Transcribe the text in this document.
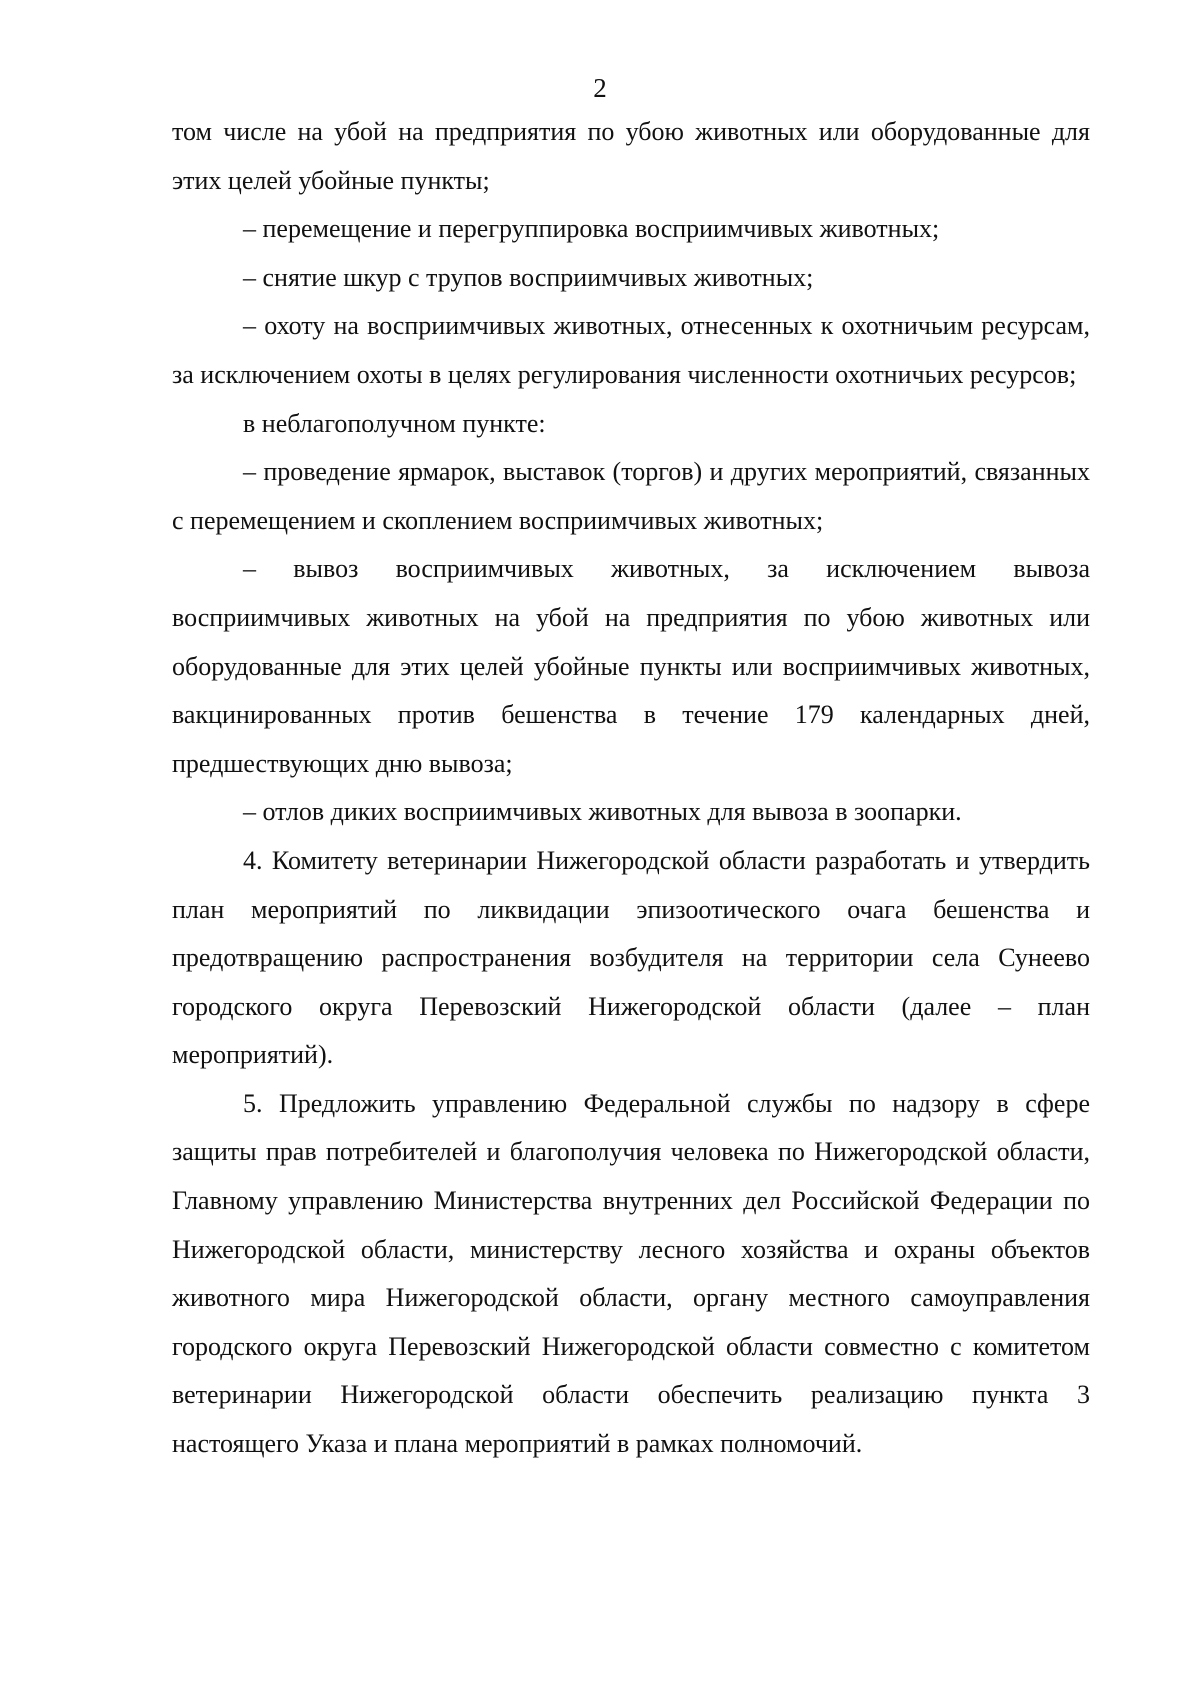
2

том числе на убой на предприятия по убою животных или оборудованные для этих целей убойные пункты;

– перемещение и перегруппировка восприимчивых животных;

– снятие шкур с трупов восприимчивых животных;

– охоту на восприимчивых животных, отнесенных к охотничьим ресурсам, за исключением охоты в целях регулирования численности охотничьих ресурсов;

в неблагополучном пункте:

– проведение ярмарок, выставок (торгов) и других мероприятий, связанных с перемещением и скоплением восприимчивых животных;

– вывоз восприимчивых животных, за исключением вывоза восприимчивых животных на убой на предприятия по убою животных или оборудованные для этих целей убойные пункты или восприимчивых животных, вакцинированных против бешенства в течение 179 календарных дней, предшествующих дню вывоза;

– отлов диких восприимчивых животных для вывоза в зоопарки.

4. Комитету ветеринарии Нижегородской области разработать и утвердить план мероприятий по ликвидации эпизоотического очага бешенства и предотвращению распространения возбудителя на территории села Сунеево городского округа Перевозский Нижегородской области (далее – план мероприятий).

5. Предложить управлению Федеральной службы по надзору в сфере защиты прав потребителей и благополучия человека по Нижегородской области, Главному управлению Министерства внутренних дел Российской Федерации по Нижегородской области, министерству лесного хозяйства и охраны объектов животного мира Нижегородской области, органу местного самоуправления городского округа Перевозский Нижегородской области совместно с комитетом ветеринарии Нижегородской области обеспечить реализацию пункта 3 настоящего Указа и плана мероприятий в рамках полномочий.
